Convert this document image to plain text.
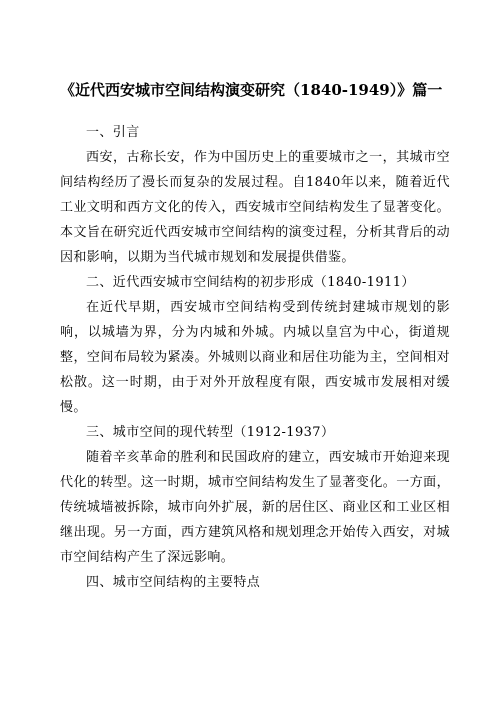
《近代西安城市空间结构演变研究（1840-1949）》篇一

一、引言

西安，古称长安，作为中国历史上的重要城市之一，其城市空间结构经历了漫长而复杂的发展过程。自1840年以来，随着近代工业文明和西方文化的传入，西安城市空间结构发生了显著变化。本文旨在研究近代西安城市空间结构的演变过程，分析其背后的动因和影响，以期为当代城市规划和发展提供借鉴。

二、近代西安城市空间结构的初步形成（1840-1911）

在近代早期，西安城市空间结构受到传统封建城市规划的影响，以城墙为界，分为内城和外城。内城以皇宫为中心，街道规整，空间布局较为紧凑。外城则以商业和居住功能为主，空间相对松散。这一时期，由于对外开放程度有限，西安城市发展相对缓慢。

三、城市空间的现代转型（1912-1937）

随着辛亥革命的胜利和民国政府的建立，西安城市开始迎来现代化的转型。这一时期，城市空间结构发生了显著变化。一方面，传统城墙被拆除，城市向外扩展，新的居住区、商业区和工业区相继出现。另一方面，西方建筑风格和规划理念开始传入西安，对城市空间结构产生了深远影响。

四、城市空间结构的主要特点
